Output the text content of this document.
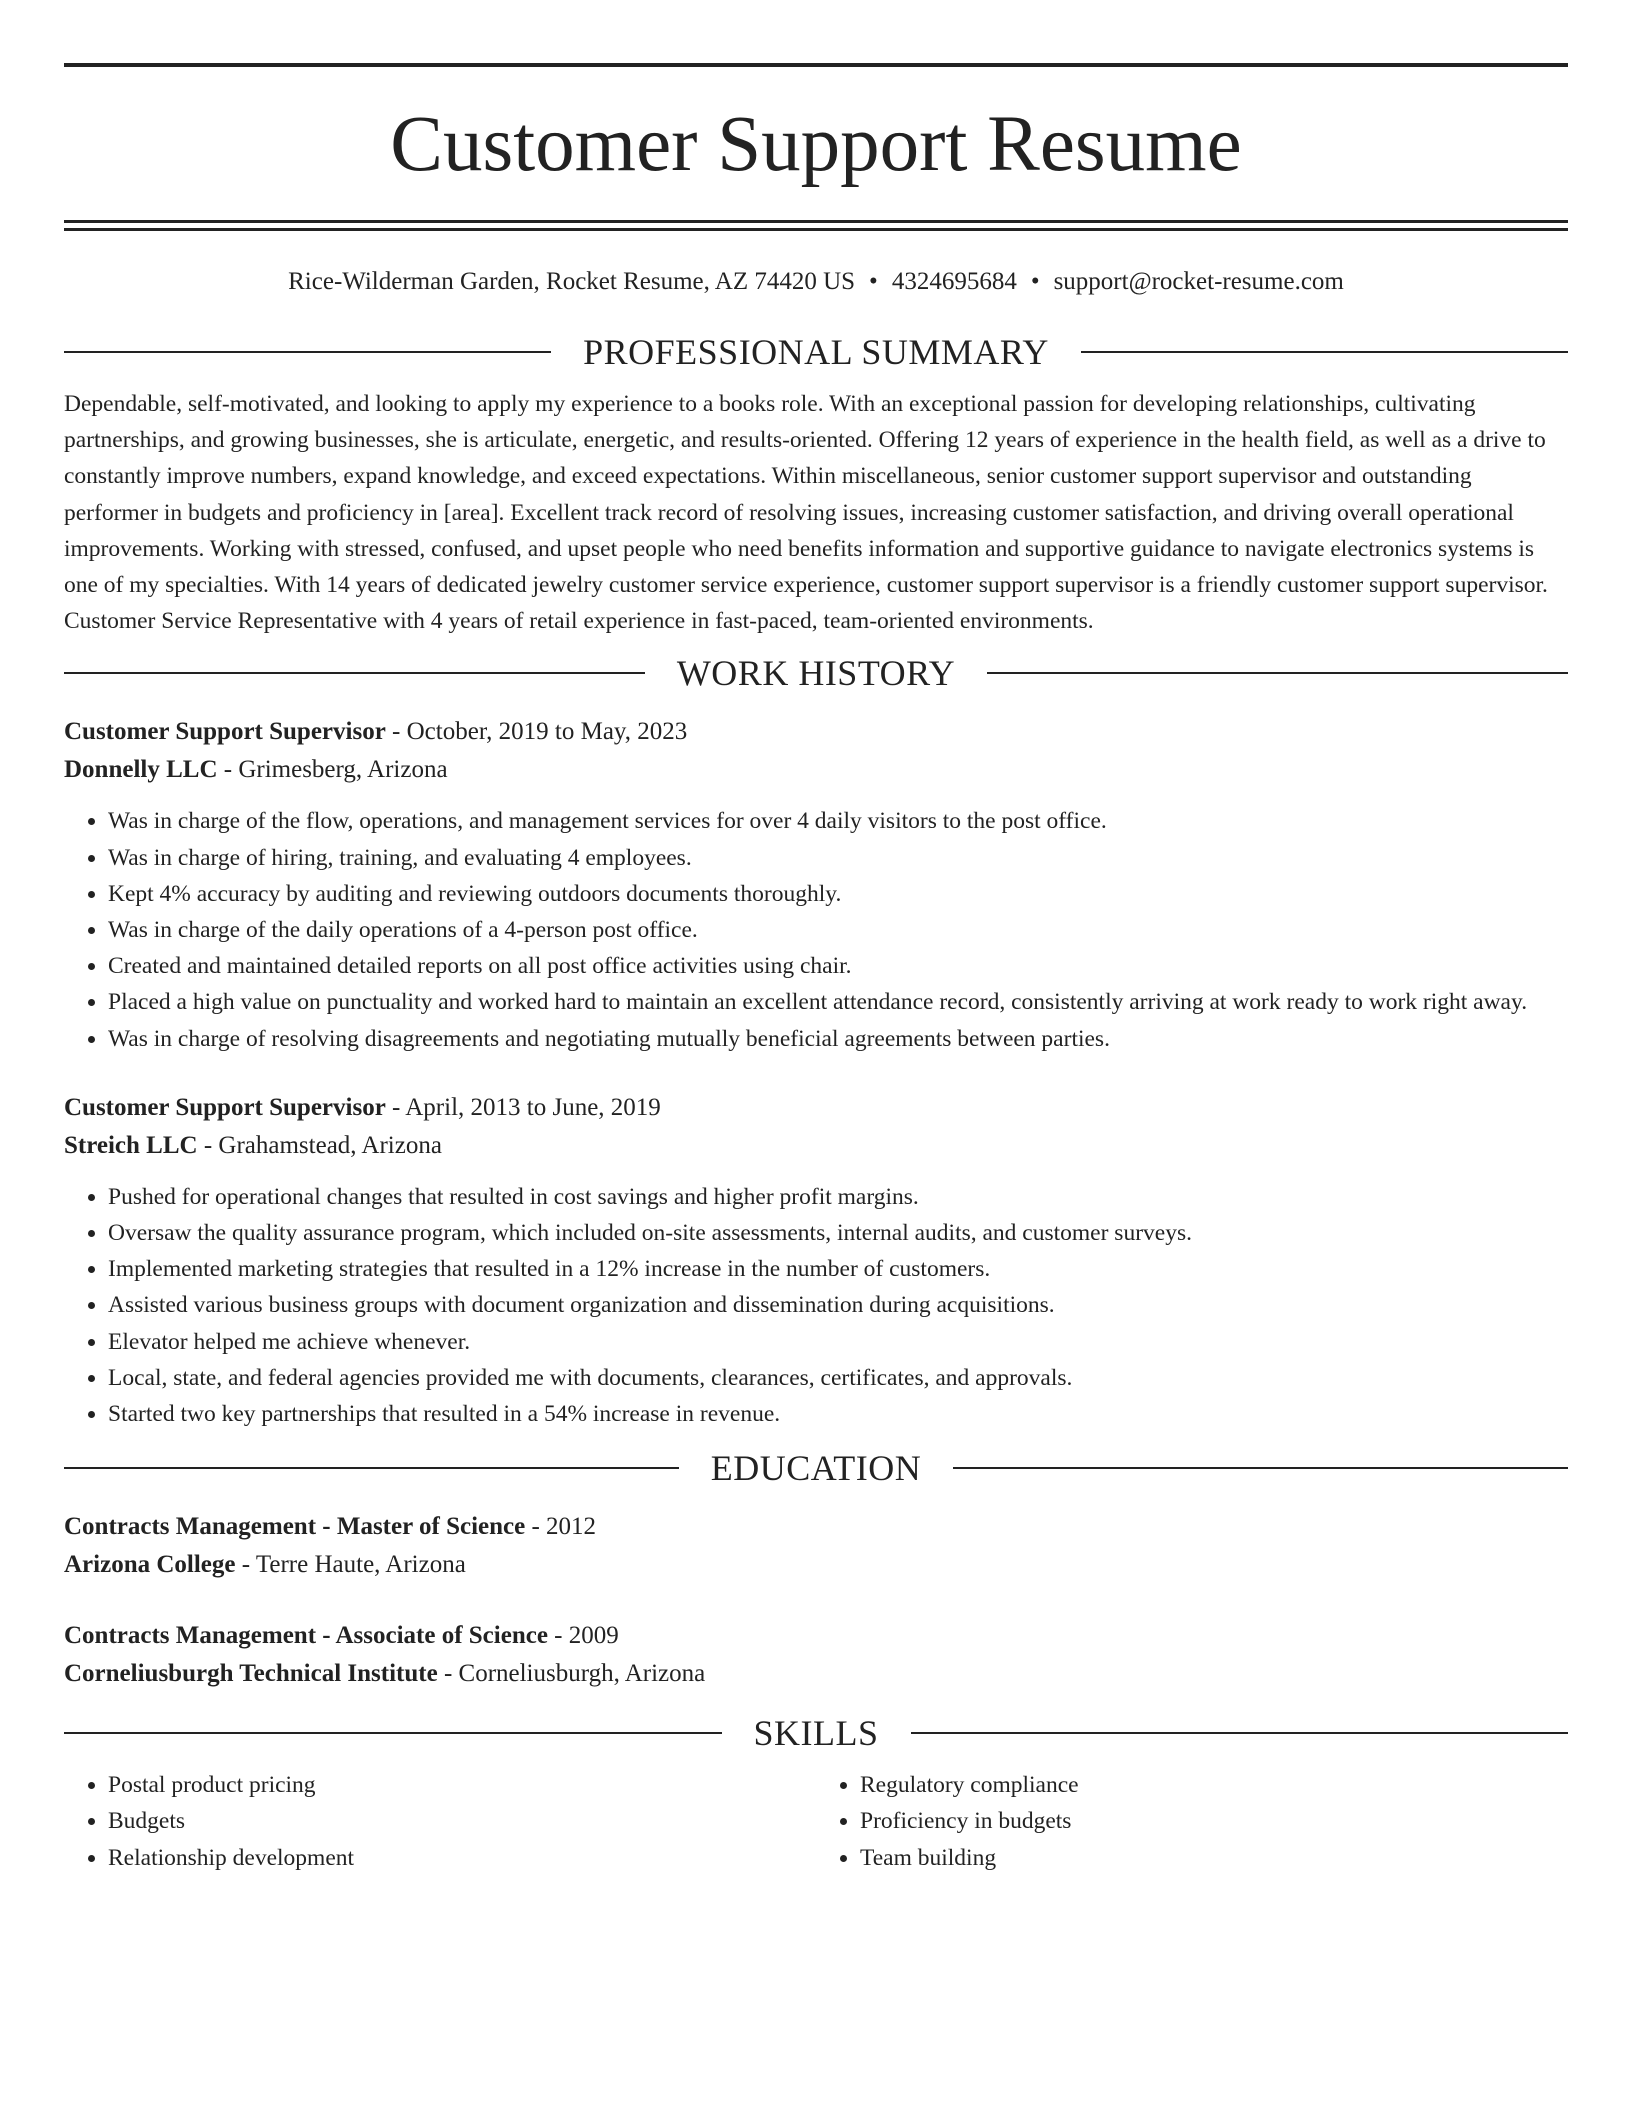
Customer Support Resume
Rice-Wilderman Garden, Rocket Resume, AZ 74420 US • 4324695684 • support@rocket-resume.com
PROFESSIONAL SUMMARY

Dependable, self-motivated, and looking to apply my experience to a books role. With an exceptional passion for developing relationships, cultivating partnerships, and growing businesses, she is articulate, energetic, and results-oriented. Offering 12 years of experience in the health field, as well as a drive to constantly improve numbers, expand knowledge, and exceed expectations. Within miscellaneous, senior customer support supervisor and outstanding performer in budgets and proficiency in [area]. Excellent track record of resolving issues, increasing customer satisfaction, and driving overall operational improvements. Working with stressed, confused, and upset people who need benefits information and supportive guidance to navigate electronics systems is one of my specialties. With 14 years of dedicated jewelry customer service experience, customer support supervisor is a friendly customer support supervisor. Customer Service Representative with 4 years of retail experience in fast-paced, team-oriented environments.

WORK HISTORY
Customer Support Supervisor - October, 2019 to May, 2023
Donnelly LLC - Grimesberg, Arizona
• Was in charge of the flow, operations, and management services for over 4 daily visitors to the post office.
• Was in charge of hiring, training, and evaluating 4 employees.
• Kept 4% accuracy by auditing and reviewing outdoors documents thoroughly.
• Was in charge of the daily operations of a 4-person post office.
• Created and maintained detailed reports on all post office activities using chair.
• Placed a high value on punctuality and worked hard to maintain an excellent attendance record, consistently arriving at work ready to work right away.
• Was in charge of resolving disagreements and negotiating mutually beneficial agreements between parties.
Customer Support Supervisor - April, 2013 to June, 2019
Streich LLC - Grahamstead, Arizona
• Pushed for operational changes that resulted in cost savings and higher profit margins.
• Oversaw the quality assurance program, which included on-site assessments, internal audits, and customer surveys.
• Implemented marketing strategies that resulted in a 12% increase in the number of customers.
• Assisted various business groups with document organization and dissemination during acquisitions.
• Elevator helped me achieve whenever.
• Local, state, and federal agencies provided me with documents, clearances, certificates, and approvals.
• Started two key partnerships that resulted in a 54% increase in revenue.
EDUCATION
Contracts Management - Master of Science - 2012
Arizona College - Terre Haute, Arizona
Contracts Management - Associate of Science - 2009
Corneliusburgh Technical Institute - Corneliusburgh, Arizona
SKILLS
• Postal product pricing
• Budgets
• Relationship development
• Regulatory compliance
• Proficiency in budgets
• Team building
